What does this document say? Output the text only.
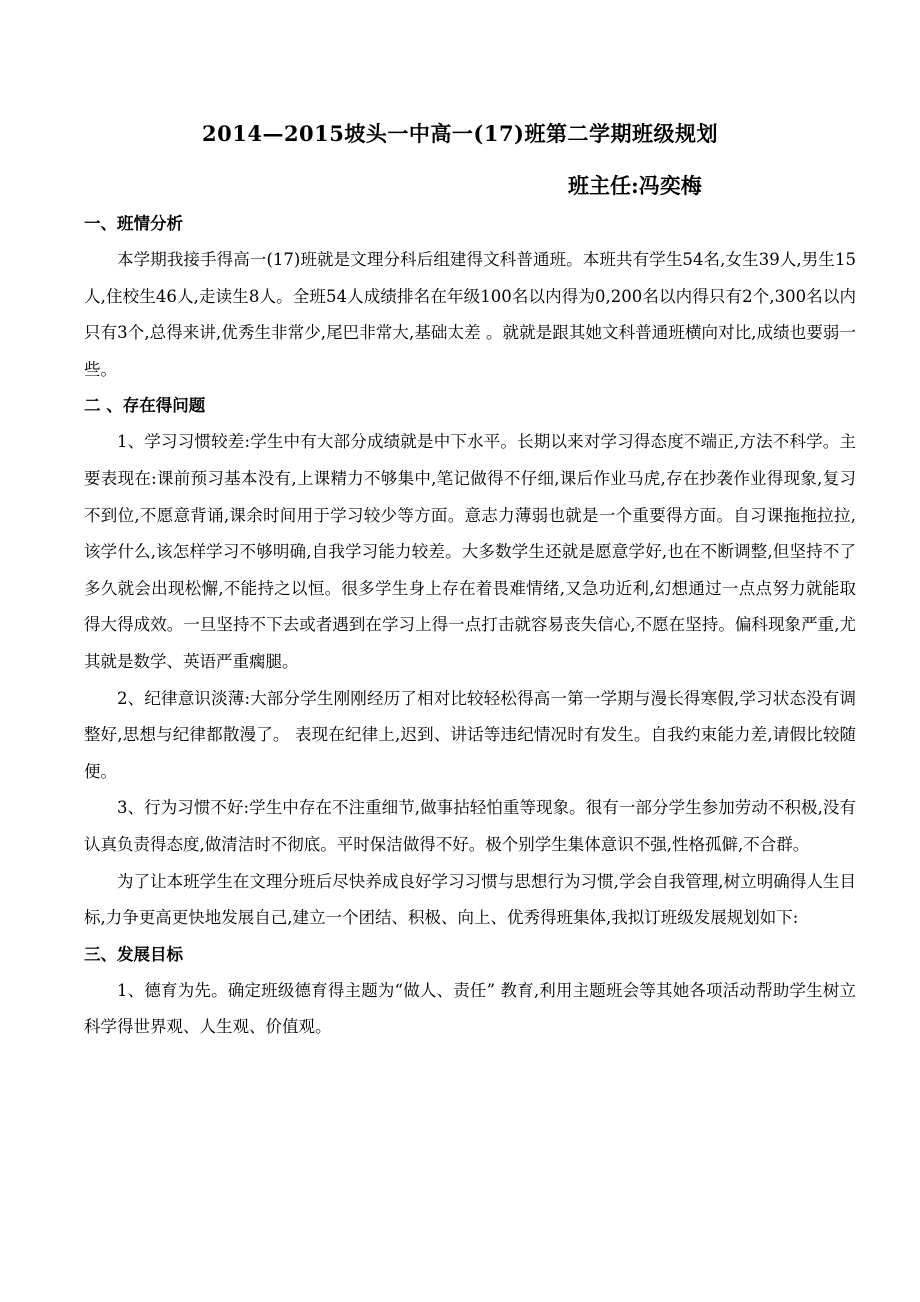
2014—2015坡头一中高一(17)班第二学期班级规划
班主任:冯奕梅

一、班情分析

本学期我接手得高一(17)班就是文理分科后组建得文科普通班。本班共有学生54名,女生39人,男生15人,住校生46人,走读生8人。全班54人成绩排名在年级100名以内得为0,200名以内得只有2个,300名以内只有3个,总得来讲,优秀生非常少,尾巴非常大,基础太差 。就就是跟其她文科普通班横向对比,成绩也要弱一些。

二 、存在得问题

1、学习习惯较差:学生中有大部分成绩就是中下水平。长期以来对学习得态度不端正,方法不科学。主要表现在:课前预习基本没有,上课精力不够集中,笔记做得不仔细,课后作业马虎,存在抄袭作业得现象,复习不到位,不愿意背诵,课余时间用于学习较少等方面。意志力薄弱也就是一个重要得方面。自习课拖拖拉拉,该学什么,该怎样学习不够明确,自我学习能力较差。大多数学生还就是愿意学好,也在不断调整,但坚持不了多久就会出现松懈,不能持之以恒。很多学生身上存在着畏难情绪,又急功近利,幻想通过一点点努力就能取得大得成效。一旦坚持不下去或者遇到在学习上得一点打击就容易丧失信心,不愿在坚持。偏科现象严重,尤其就是数学、英语严重瘸腿。

2、纪律意识淡薄:大部分学生刚刚经历了相对比较轻松得高一第一学期与漫长得寒假,学习状态没有调整好,思想与纪律都散漫了。 表现在纪律上,迟到、讲话等违纪情况时有发生。自我约束能力差,请假比较随便。

3、行为习惯不好:学生中存在不注重细节,做事拈轻怕重等现象。很有一部分学生参加劳动不积极,没有认真负责得态度,做清洁时不彻底。平时保洁做得不好。极个别学生集体意识不强,性格孤僻,不合群。

为了让本班学生在文理分班后尽快养成良好学习习惯与思想行为习惯,学会自我管理,树立明确得人生目标,力争更高更快地发展自己,建立一个团结、积极、向上、优秀得班集体,我拟订班级发展规划如下:

三、发展目标

1、德育为先。确定班级德育得主题为“做人、责任” 教育,利用主题班会等其她各项活动帮助学生树立科学得世界观、人生观、价值观。
